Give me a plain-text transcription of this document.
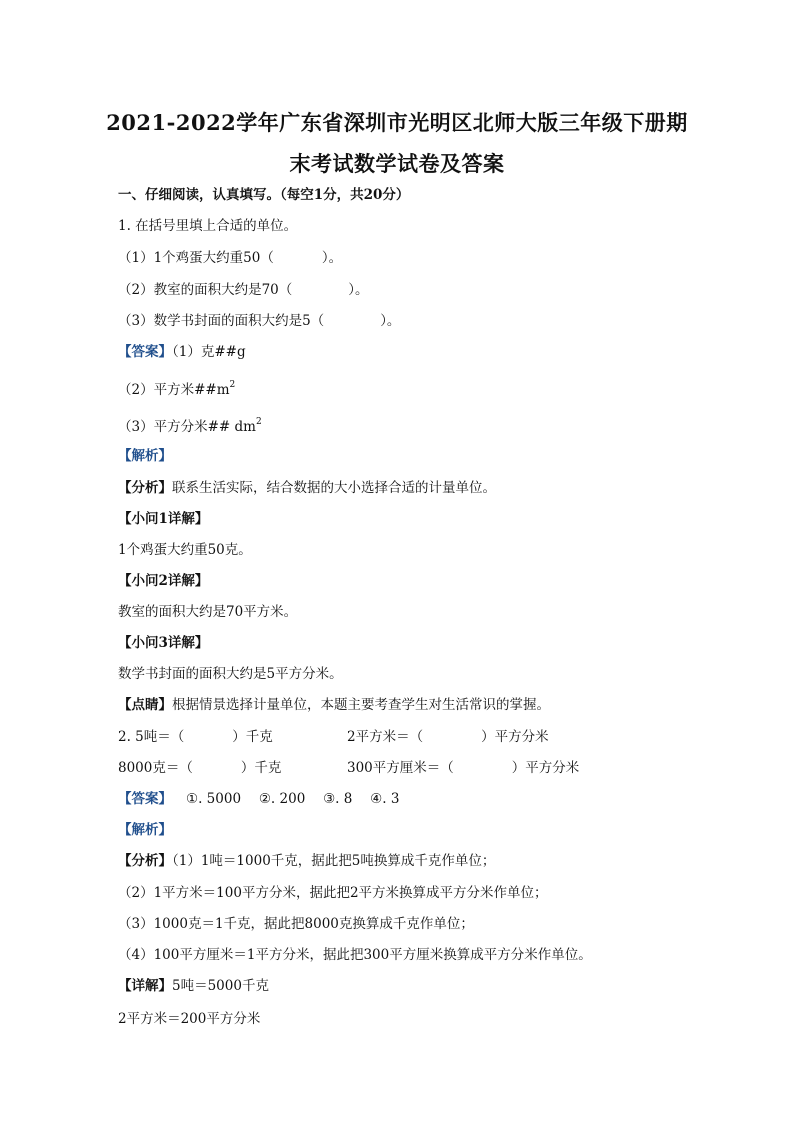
2021-2022学年广东省深圳市光明区北师大版三年级下册期
末考试数学试卷及答案
一、仔细阅读，认真填写。（每空1分，共20分）
1. 在括号里填上合适的单位。
（1）1个鸡蛋大约重50（	）。
（2）教室的面积大约是70（	）。
（3）数学书封面的面积大约是5（	）。
【答案】（1）克##g
（2）平方米$\#\#m^2$
（3）平方分米## $dm^2$
【解析】
【分析】联系生活实际，结合数据的大小选择合适的计量单位。
【小问1详解】
1个鸡蛋大约重50克。
【小问2详解】
教室的面积大约是70平方米。
【小问3详解】
数学书封面的面积大约是5平方分米。
【点睛】根据情景选择计量单位，本题主要考查学生对生活常识的掌握。
2. 5吨＝（	）千克	2平方米＝（	）平方分米
8000克＝（	）千克	300平方厘米＝（	）平方分米
【答案】 ①. 5000　 ②. 200　 ③. 8　 ④. 3
【解析】
【分析】（1）1吨＝1000千克，据此把5吨换算成千克作单位；
（2）1平方米＝100平方分米，据此把2平方米换算成平方分米作单位；
（3）1000克＝1千克，据此把8000克换算成千克作单位；
（4）100平方厘米＝1平方分米，据此把300平方厘米换算成平方分米作单位。
【详解】5吨＝5000千克
2平方米＝200平方分米
